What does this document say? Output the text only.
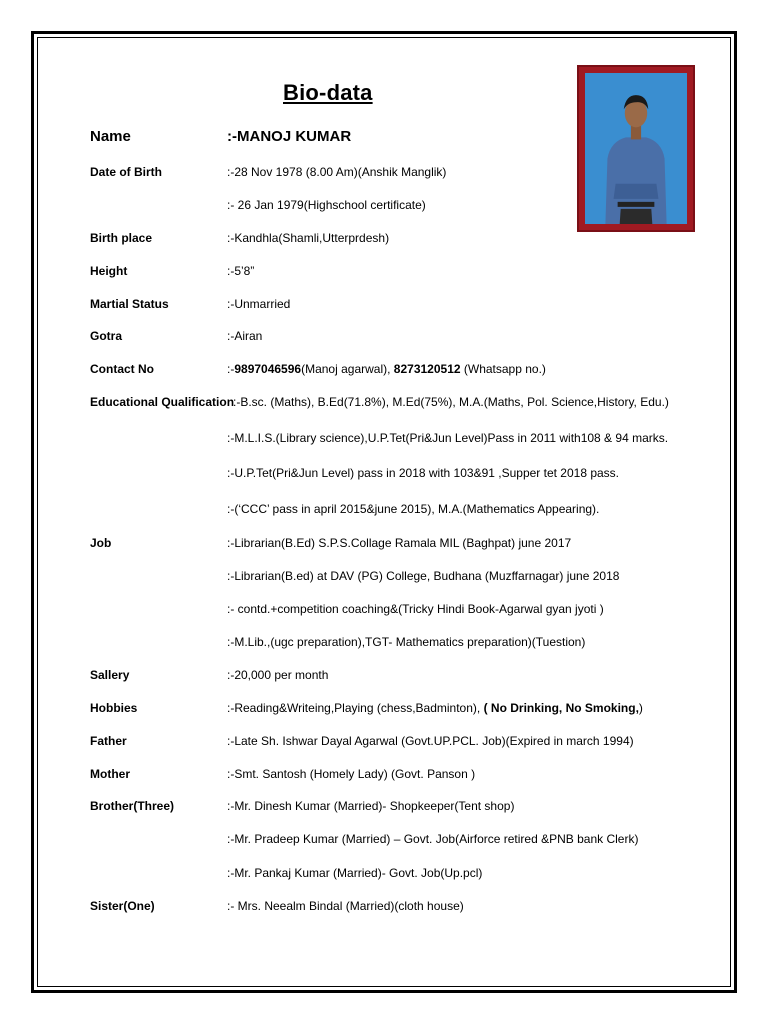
Bio-data
Name	:-MANOJ KUMAR
Date of Birth	:-28 Nov 1978 (8.00 Am)(Anshik Manglik)
:- 26 Jan 1979(Highschool certificate)
Birth place	:-Kandhla(Shamli,Utterprdesh)
Height	:-5’8”
Martial Status	:-Unmarried
Gotra	:-Airan
Contact No	:-9897046596(Manoj agarwal), 8273120512 (Whatsapp no.)
Educational Qualification
:-B.sc. (Maths), B.Ed(71.8%), M.Ed(75%), M.A.(Maths, Pol. Science,History, Edu.)
:-M.L.I.S.(Library science),U.P.Tet(Pri&Jun Level)Pass in 2011 with108 & 94 marks.
:-U.P.Tet(Pri&Jun Level) pass in 2018 with 103&91 ,Supper tet 2018 pass.
:-(‘CCC’ pass in april 2015&june 2015), M.A.(Mathematics Appearing).
Job	:-Librarian(B.Ed) S.P.S.Collage Ramala MIL (Baghpat) june 2017
:-Librarian(B.ed) at DAV (PG) College, Budhana (Muzffarnagar) june 2018
:- contd.+competition coaching&(Tricky Hindi Book-Agarwal gyan jyoti )
:-M.Lib.,(ugc preparation),TGT- Mathematics preparation)(Tuestion)
Sallery	:-20,000 per month
Hobbies	:-Reading&Writeing,Playing (chess,Badminton), ( No Drinking, No Smoking,)
Father	:-Late Sh. Ishwar Dayal Agarwal (Govt.UP.PCL. Job)(Expired in march 1994)
Mother	:-Smt. Santosh (Homely Lady) (Govt. Panson )
Brother(Three)	:-Mr. Dinesh Kumar (Married)- Shopkeeper(Tent shop)
:-Mr. Pradeep Kumar (Married) – Govt. Job(Airforce retired &PNB bank Clerk)
:-Mr. Pankaj Kumar (Married)- Govt. Job(Up.pcl)
Sister(One)	:- Mrs. Neealm Bindal (Married)(cloth house)
